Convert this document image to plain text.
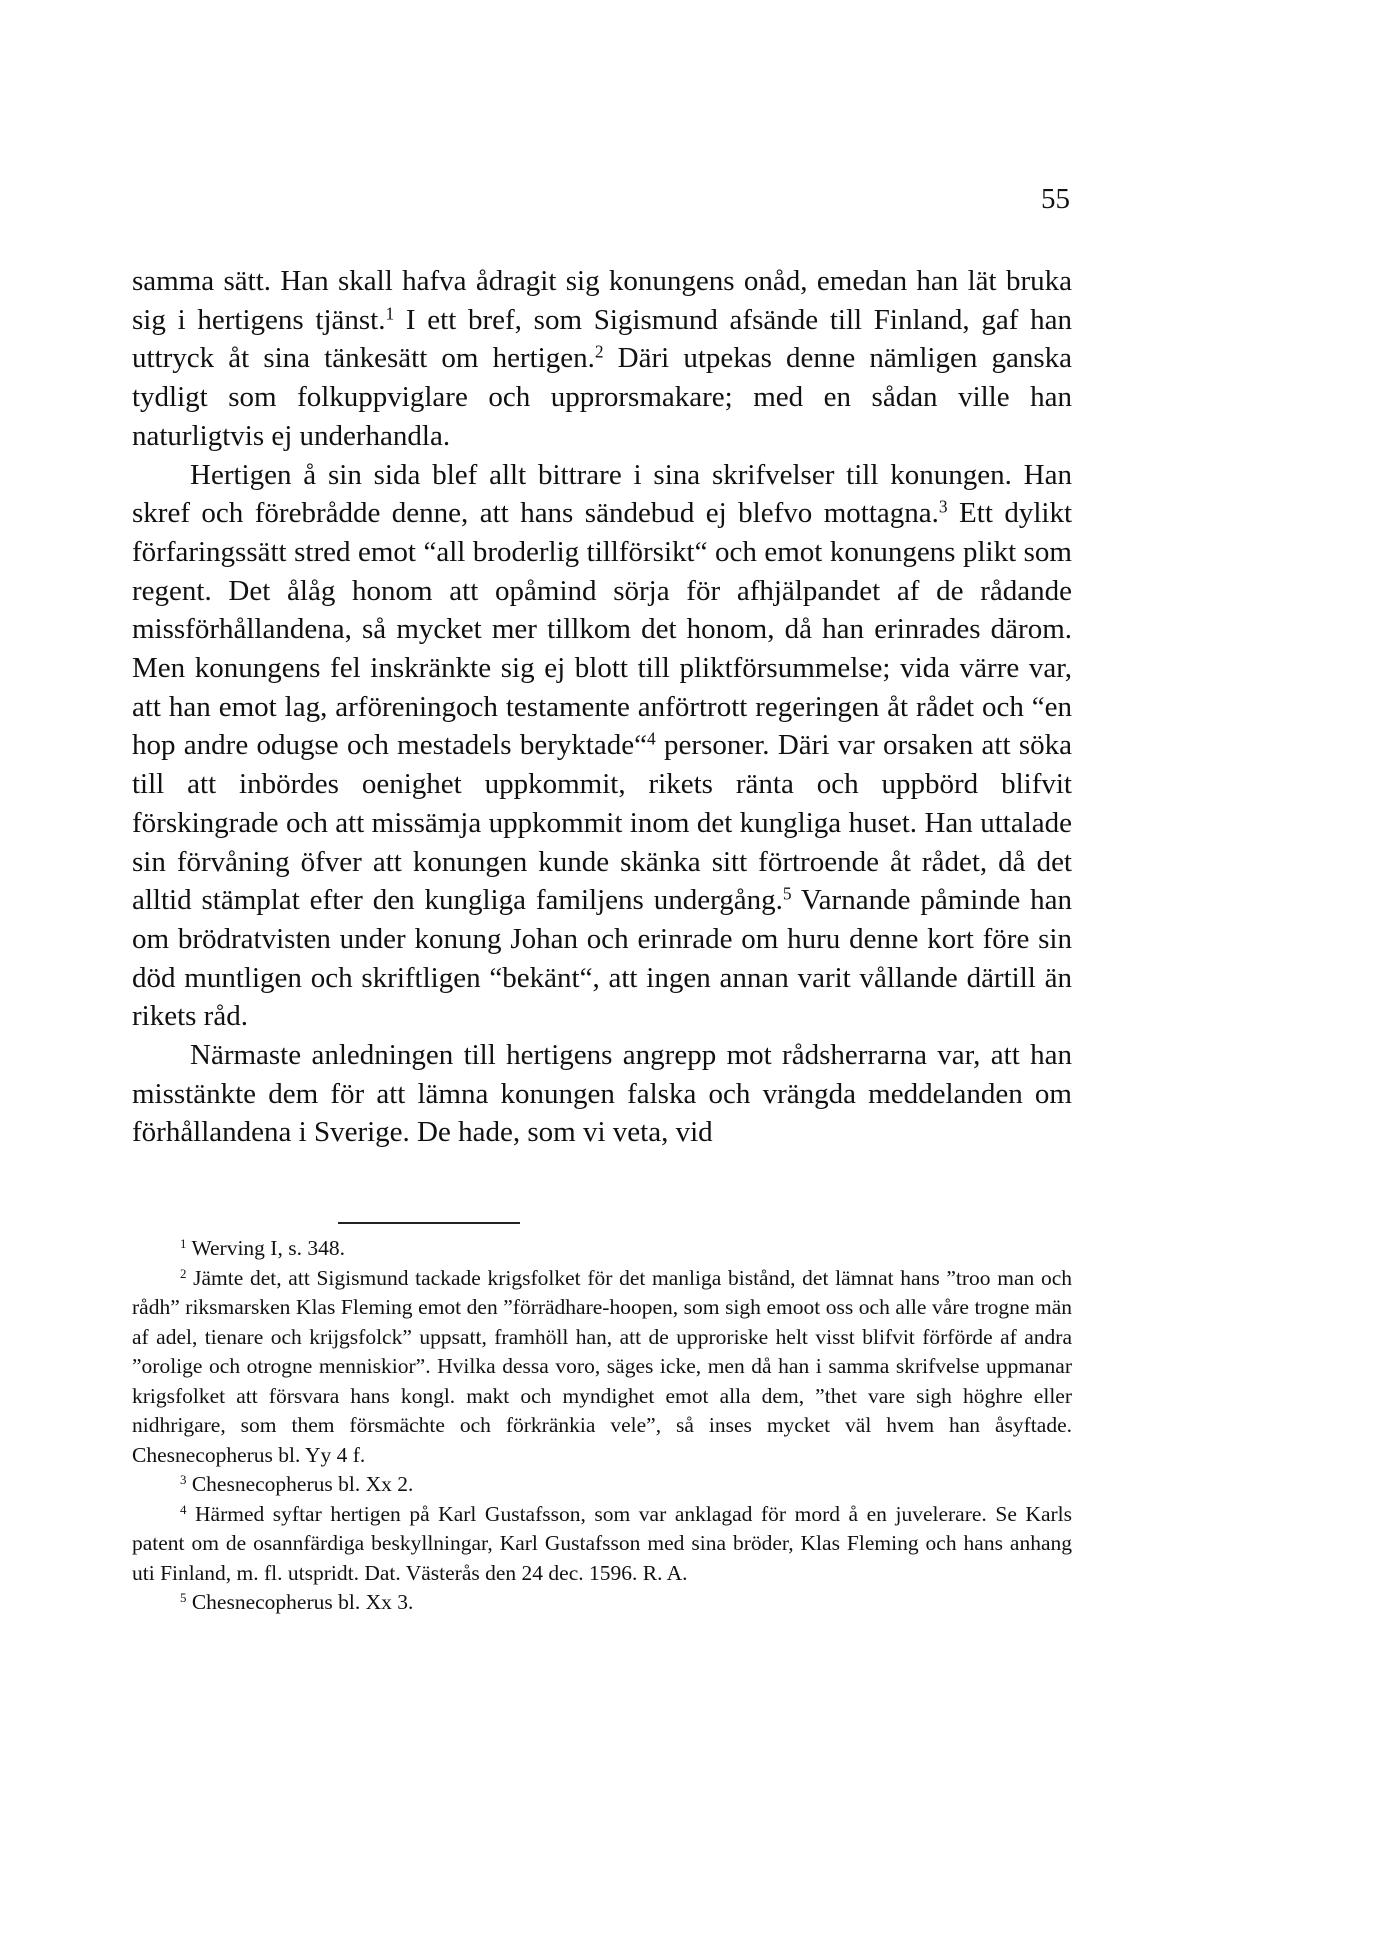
55

samma sätt. Han skall hafva ådragit sig konungens onåd, emedan han lät bruka sig i hertigens tjänst.$^1$ I ett bref, som Sigismund afsände till Finland, gaf han uttryck åt sina tänkesätt om hertigen.$^2$ Däri utpekas denne nämligen ganska tydligt som folkuppviglare och upprorsmakare; med en sådan ville han naturligtvis ej underhandla.

Hertigen å sin sida blef allt bittrare i sina skrifvelser till konungen. Han skref och förebrådde denne, att hans sändebud ej blefvo mottagna.$^3$ Ett dylikt förfaringssätt stred emot “all broderlig tillförsikt“ och emot konungens plikt som regent. Det ålåg honom att opåmind sörja för afhjälpandet af de rådande missförhållandena, så mycket mer tillkom det honom, då han erinrades därom. Men konungens fel inskränkte sig ej blott till pliktförsummelse; vida värre var, att han emot lag, arföreningoch testamente anförtrott regeringen åt rådet och “en hop andre odugse och mestadels beryktade“$^4$ personer. Däri var orsaken att söka till att inbördes oenighet uppkommit, rikets ränta och uppbörd blifvit förskingrade och att missämja uppkommit inom det kungliga huset. Han uttalade sin förvåning öfver att konungen kunde skänka sitt förtroende åt rådet, då det alltid stämplat efter den kungliga familjens undergång.$^5$ Varnande påminde han om brödratvisten under konung Johan och erinrade om huru denne kort före sin död muntligen och skriftligen “bekänt“, att ingen annan varit vållande därtill än rikets råd.

Närmaste anledningen till hertigens angrepp mot rådsherrarna var, att han misstänkte dem för att lämna konungen falska och vrängda meddelanden om förhållandena i Sverige. De hade, som vi veta, vid

$^1$ Werving I, s. 348.

$^2$ Jämte det, att Sigismund tackade krigsfolket för det manliga bistånd, det lämnat hans ”troo man och rådh” riksmarsken Klas Fleming emot den ”förrädhare-hoopen, som sigh emoot oss och alle våre trogne män af adel, tienare och krijgsfolck” uppsatt, framhöll han, att de upproriske helt visst blifvit förförde af andra ”orolige och otrogne menniskior”. Hvilka dessa voro, säges icke, men då han i samma skrifvelse uppmanar krigsfolket att försvara hans kongl. makt och myndighet emot alla dem, ”thet vare sigh höghre eller nidhrigare, som them försmächte och förkränkia vele”, så inses mycket väl hvem han åsyftade. Chesnecopherus bl. Yy 4 f.

$^3$ Chesnecopherus bl. Xx 2.

$^4$ Härmed syftar hertigen på Karl Gustafsson, som var anklagad för mord å en juvelerare. Se Karls patent om de osannfärdiga beskyllningar, Karl Gustafsson med sina bröder, Klas Fleming och hans anhang uti Finland, m. fl. utspridt. Dat. Västerås den 24 dec. 1596. R. A.

$^5$ Chesnecopherus bl. Xx 3.
